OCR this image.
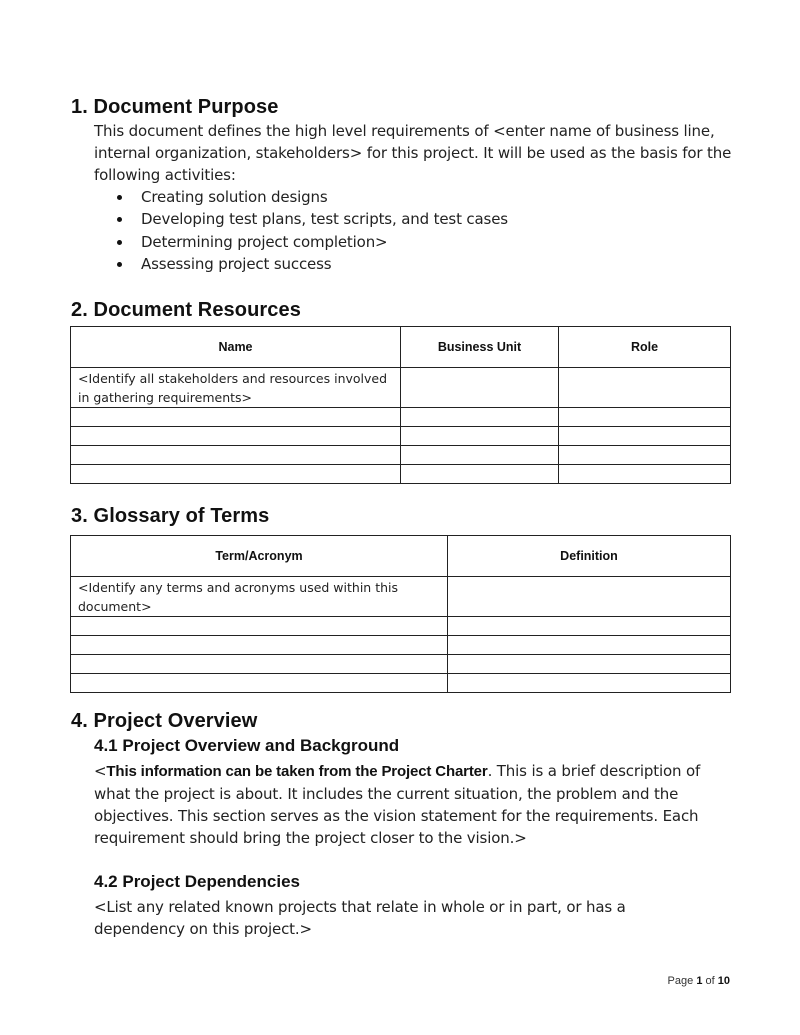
1. Document Purpose

This document defines the high level requirements of <enter name of business line, internal organization, stakeholders> for this project. It will be used as the basis for the following activities:

Creating solution designs
Developing test plans, test scripts, and test cases
Determining project completion>
Assessing project success
2. Document Resources
Name	Business Unit	Role
<Identify all stakeholders and resources involved in gathering requirements>		

3. Glossary of Terms
Term/Acronym	Definition
<Identify any terms and acronyms used within this document>	

4. Project Overview
4.1 Project Overview and Background

<This information can be taken from the Project Charter. This is a brief description of what the project is about. It includes the current situation, the problem and the objectives. This section serves as the vision statement for the requirements. Each requirement should bring the project closer to the vision.>

4.2 Project Dependencies

<List any related known projects that relate in whole or in part, or has a dependency on this project.>

Page 1 of 10
